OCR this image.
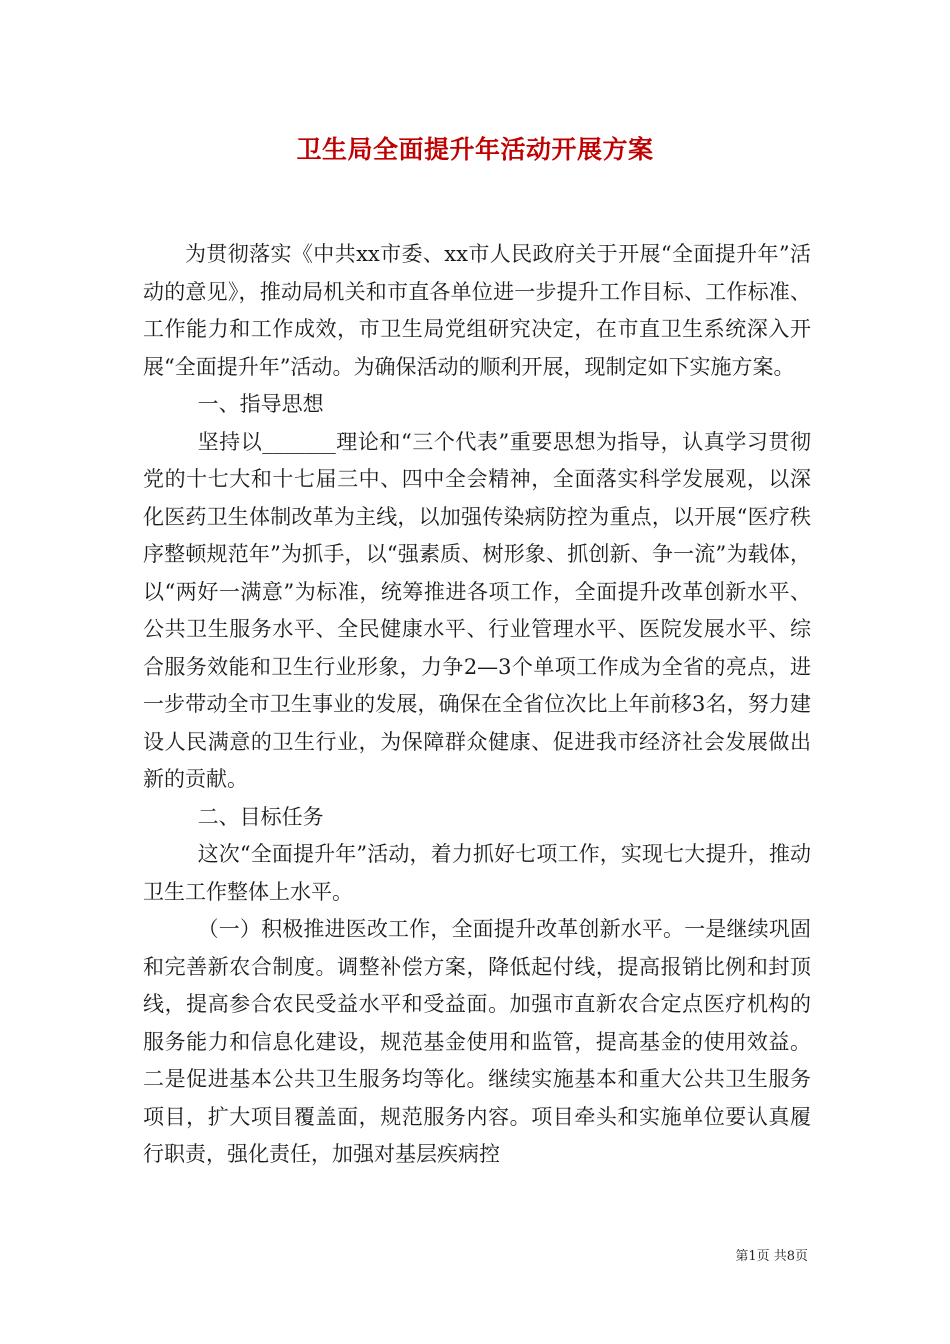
卫生局全面提升年活动开展方案

为贯彻落实《中共xx市委、xx市人民政府关于开展“全面提升年”活动的意见》，推动局机关和市直各单位进一步提升工作目标、工作标准、工作能力和工作成效，市卫生局党组研究决定，在市直卫生系统深入开展“全面提升年”活动。为确保活动的顺利开展，现制定如下实施方案。

一、指导思想

坚持以_______理论和“三个代表”重要思想为指导，认真学习贯彻党的十七大和十七届三中、四中全会精神，全面落实科学发展观，以深化医药卫生体制改革为主线，以加强传染病防控为重点，以开展“医疗秩序整顿规范年”为抓手，以“强素质、树形象、抓创新、争一流”为载体，以“两好一满意”为标准，统筹推进各项工作，全面提升改革创新水平、公共卫生服务水平、全民健康水平、行业管理水平、医院发展水平、综合服务效能和卫生行业形象，力争2—3个单项工作成为全省的亮点，进一步带动全市卫生事业的发展，确保在全省位次比上年前移3名，努力建设人民满意的卫生行业，为保障群众健康、促进我市经济社会发展做出新的贡献。

二、目标任务

这次“全面提升年”活动，着力抓好七项工作，实现七大提升，推动卫生工作整体上水平。

（一）积极推进医改工作，全面提升改革创新水平。一是继续巩固和完善新农合制度。调整补偿方案，降低起付线，提高报销比例和封顶线，提高参合农民受益水平和受益面。加强市直新农合定点医疗机构的服务能力和信息化建设，规范基金使用和监管，提高基金的使用效益。二是促进基本公共卫生服务均等化。继续实施基本和重大公共卫生服务项目，扩大项目覆盖面，规范服务内容。项目牵头和实施单位要认真履行职责，强化责任，加强对基层疾病控

第1页 共8页
